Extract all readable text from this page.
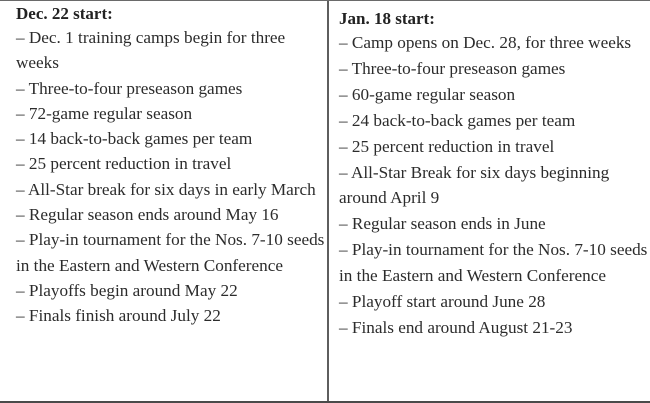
Dec. 22 start:
– Dec. 1 training camps begin for three weeks
– Three-to-four preseason games
– 72-game regular season
– 14 back-to-back games per team
– 25 percent reduction in travel
– All-Star break for six days in early March
– Regular season ends around May 16
– Play-in tournament for the Nos. 7-10 seeds in the Eastern and Western Conference
– Playoffs begin around May 22
– Finals finish around July 22
Jan. 18 start:
– Camp opens on Dec. 28, for three weeks
– Three-to-four preseason games
– 60-game regular season
– 24 back-to-back games per team
– 25 percent reduction in travel
– All-Star Break for six days beginning around April 9
– Regular season ends in June
– Play-in tournament for the Nos. 7-10 seeds in the Eastern and Western Conference
– Playoff start around June 28
– Finals end around August 21-23
